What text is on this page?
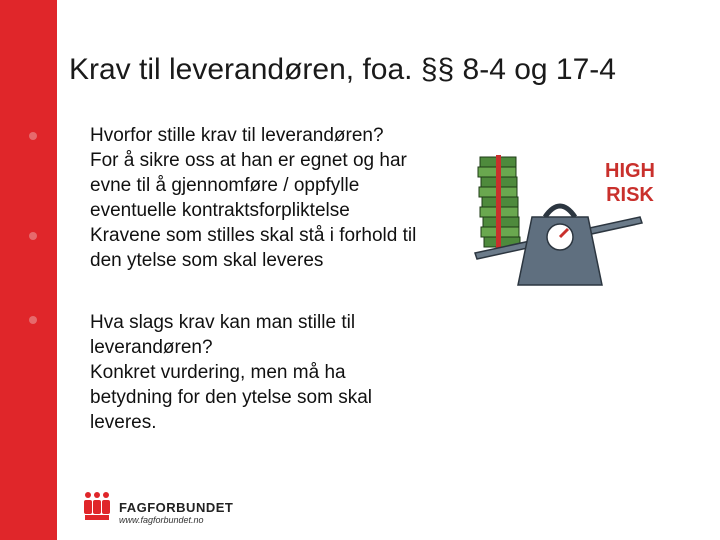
Krav til leverandøren, foa. §§ 8-4 og 17-4
Hvorfor stille krav til leverandøren?
For å sikre oss at han er egnet og har
evne til å gjennomføre / oppfylle
eventuelle kontraktsforpliktelse
Kravene som stilles skal stå i forhold til
den ytelse som skal leveres
Hva slags krav kan man stille til
leverandøren?
Konkret vurdering, men må ha
betydning for den ytelse som skal
leveres.
HIGH
RISK
FAGFORBUNDET
www.fagforbundet.no
